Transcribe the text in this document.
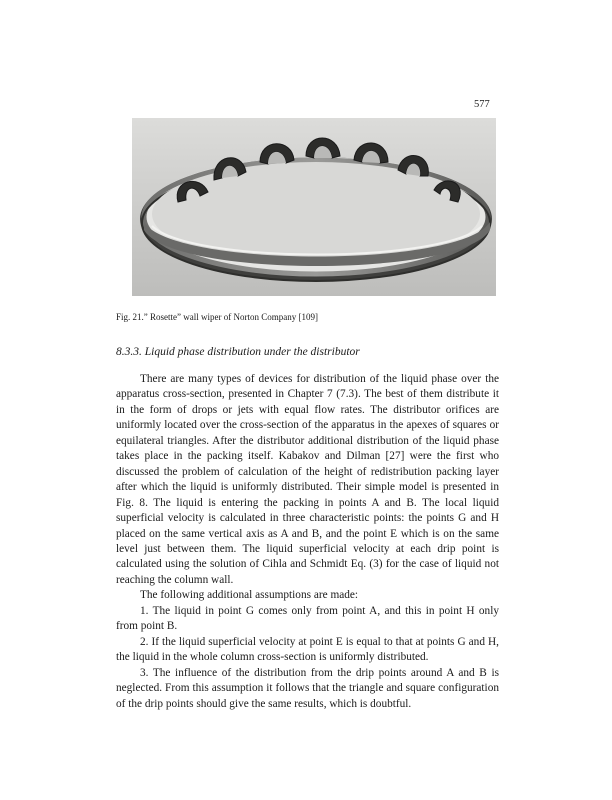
577
Fig. 21.” Rosette” wall wiper of Norton Company [109]
8.3.3. Liquid phase distribution under the distributor

There are many types of devices for distribution of the liquid phase over the apparatus cross-section, presented in Chapter 7 (7.3). The best of them distribute it in the form of drops or jets with equal flow rates. The distributor orifices are uniformly located over the cross-section of the apparatus in the apexes of squares or equilateral triangles. After the distributor additional distribution of the liquid phase takes place in the packing itself. Kabakov and Dilman [27] were the first who discussed the problem of calculation of the height of redistribution packing layer after which the liquid is uniformly distributed. Their simple model is presented in Fig. 8. The liquid is entering the packing in points A and B. The local liquid superficial velocity is calculated in three characteristic points: the points G and H placed on the same vertical axis as A and B, and the point E which is on the same level just between them. The liquid superficial velocity at each drip point is calculated using the solution of Cihla and Schmidt Eq. (3) for the case of liquid not reaching the column wall.

The following additional assumptions are made:

1. The liquid in point G comes only from point A, and this in point H only from point B.

2. If the liquid superficial velocity at point E is equal to that at points G and H, the liquid in the whole column cross-section is uniformly distributed.

3. The influence of the distribution from the drip points around A and B is neglected. From this assumption it follows that the triangle and square configuration of the drip points should give the same results, which is doubtful.
